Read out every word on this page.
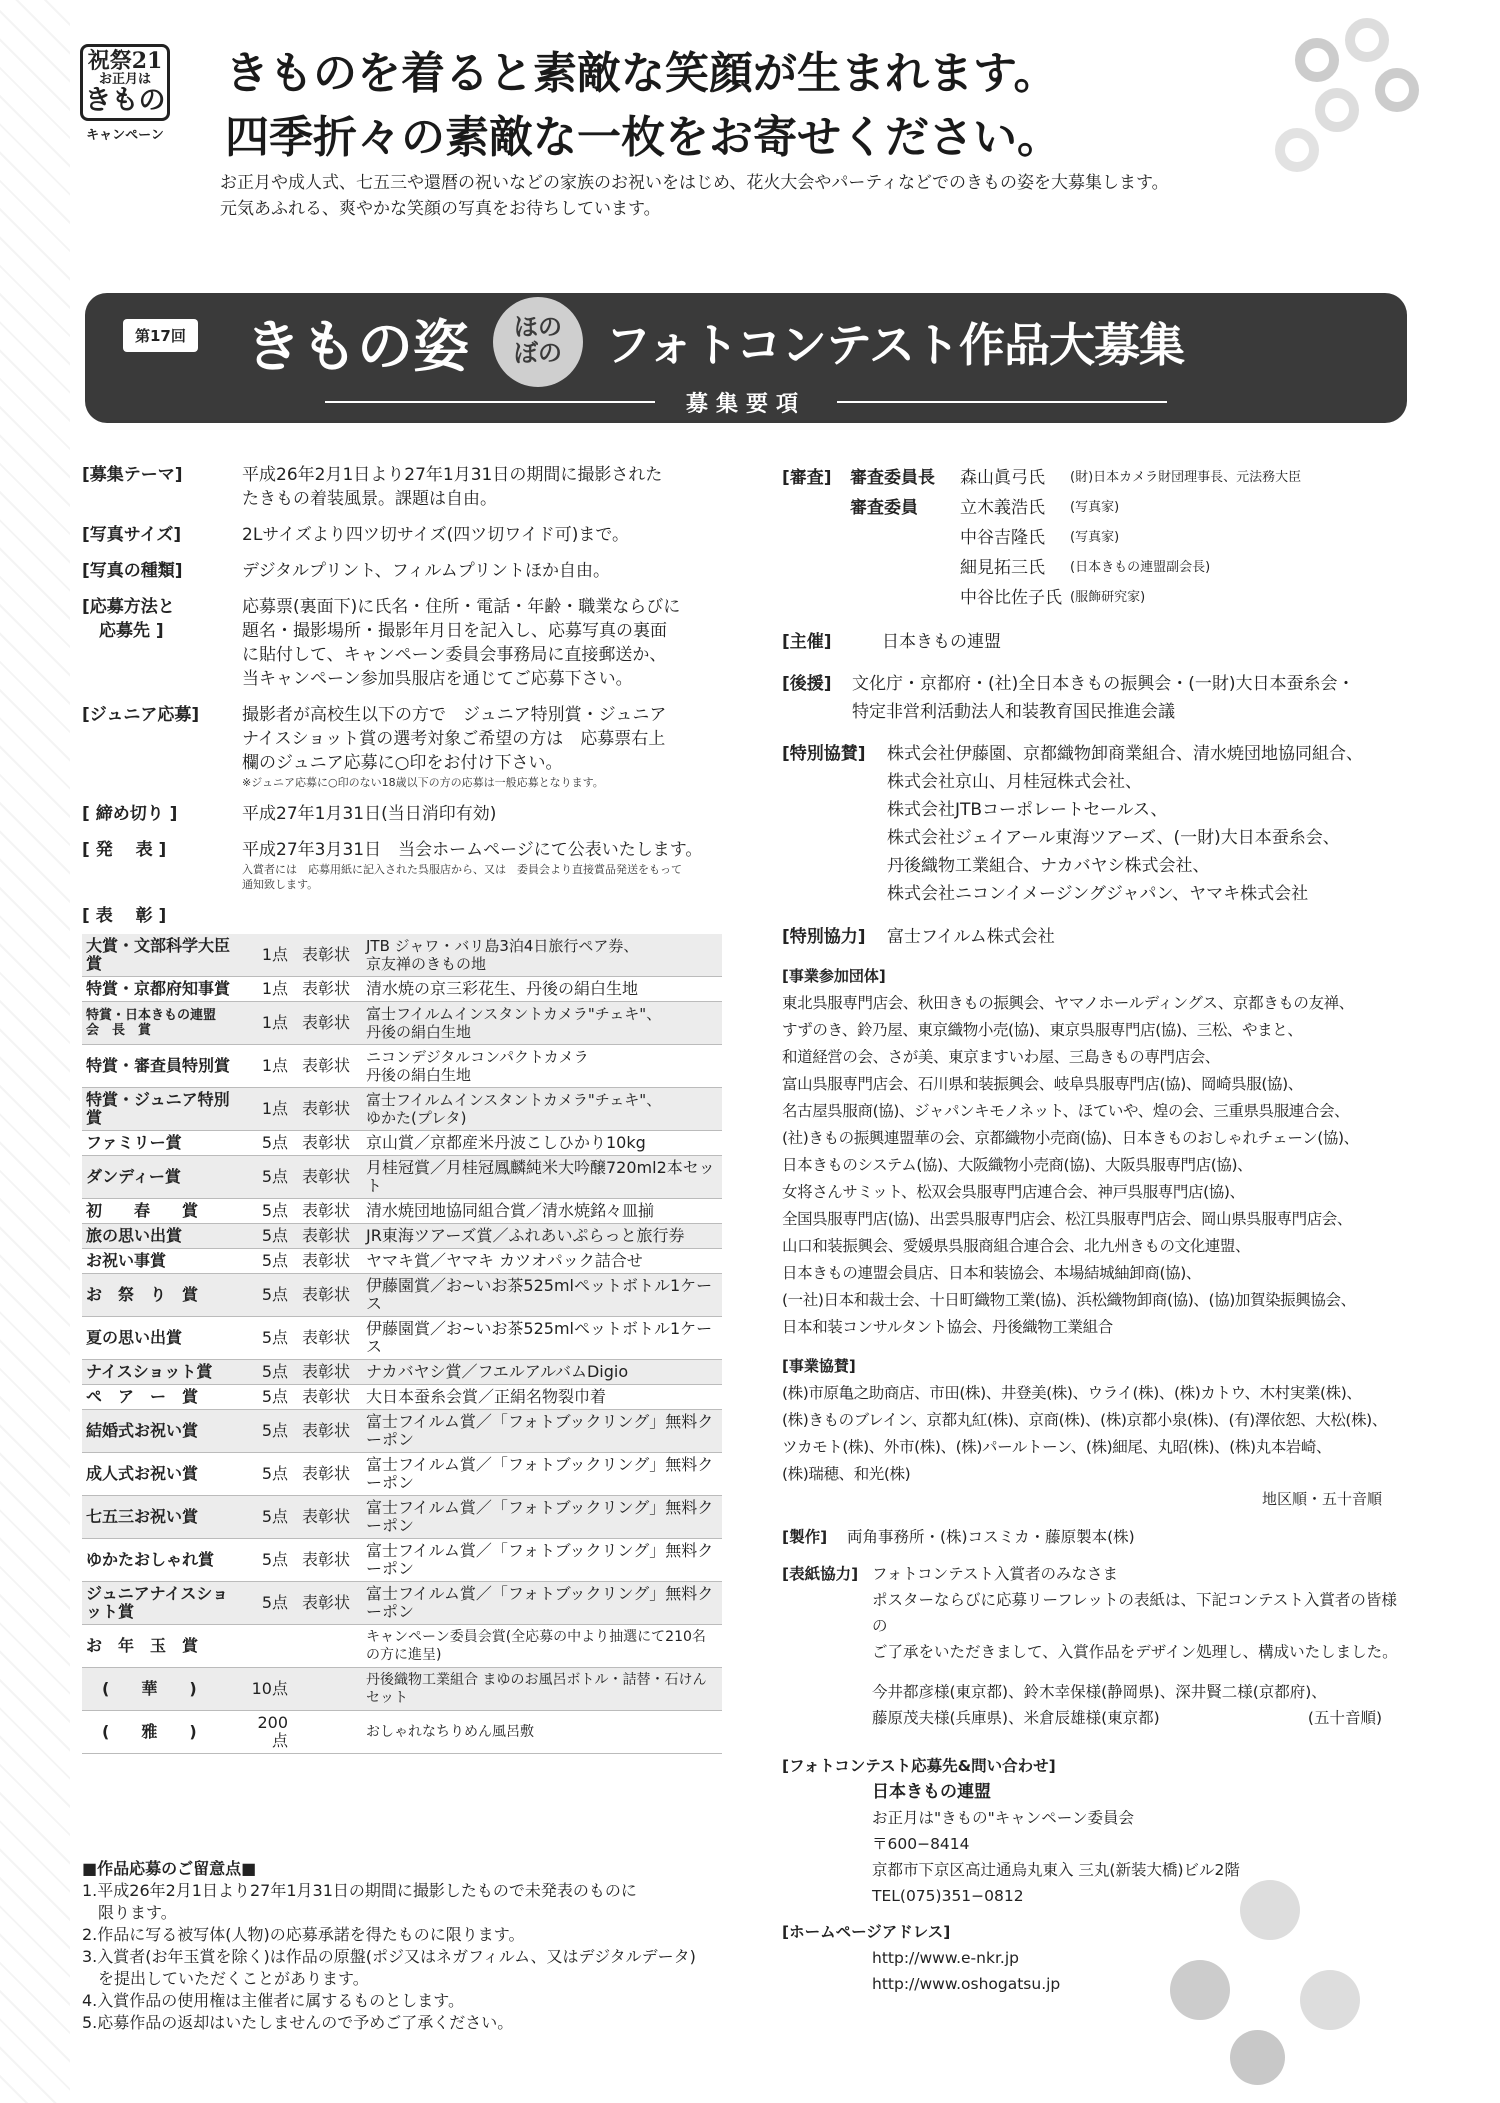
祝祭21
お正月は
きもの
キャンペーン
きものを着ると素敵な笑顔が生まれます。
四季折々の素敵な一枚をお寄せください。
お正月や成人式、七五三や還暦の祝いなどの家族のお祝いをはじめ、花火大会やパーティなどでのきもの姿を大募集します。
元気あふれる、爽やかな笑顔の写真をお待ちしています。
第17回 きもの姿	ほの
ぼの フォトコンテスト作品大募集
募集要項
[募集テーマ]	平成26年2月1日より27年1月31日の期間に撮影された
たきもの着装風景。課題は自由。
[写真サイズ]	2Lサイズより四ツ切サイズ(四ツ切ワイド可)まで。
[写真の種類]	デジタルプリント、フィルムプリントほか自由。
[応募方法と
　応募先 ]
応募票(裏面下)に氏名・住所・電話・年齢・職業ならびに
題名・撮影場所・撮影年月日を記入し、応募写真の裏面
に貼付して、キャンペーン委員会事務局に直接郵送か、
当キャンペーン参加呉服店を通じてご応募下さい。
[ジュニア応募]	撮影者が高校生以下の方で　ジュニア特別賞・ジュニア
ナイスショット賞の選考対象ご希望の方は　応募票右上
欄のジュニア応募に○印をお付け下さい。
※ジュニア応募に○印のない18歳以下の方の応募は一般応募となります。
[ 締め切り ]	平成27年1月31日(当日消印有効)
[ 発　 表 ]	平成27年3月31日　当会ホームページにて公表いたします。
入賞者には　応募用紙に記入された呉服店から、又は　委員会より直接賞品発送をもって
通知致します。
[ 表　 彰 ]
大賞・文部科学大臣賞	1点	表彰状	JTB ジャワ・バリ島3泊4日旅行ペア券、
京友禅のきもの地
特賞・京都府知事賞	1点	表彰状	清水焼の京三彩花生、丹後の絹白生地
特賞・日本きもの連盟
会　長　賞	1点	表彰状	富士フイルムインスタントカメラ"チェキ"、
丹後の絹白生地
特賞・審査員特別賞	1点	表彰状	ニコンデジタルコンパクトカメラ
丹後の絹白生地
特賞・ジュニア特別賞	1点	表彰状	富士フイルムインスタントカメラ"チェキ"、
ゆかた(プレタ)
ファミリー賞	5点	表彰状	京山賞／京都産米丹波こしひかり10kg
ダンディー賞	5点	表彰状	月桂冠賞／月桂冠鳳麟純米大吟醸720ml2本セット
初　　春　　賞	5点	表彰状	清水焼団地協同組合賞／清水焼銘々皿揃
旅の思い出賞	5点	表彰状	JR東海ツアーズ賞／ふれあいぷらっと旅行券
お祝い事賞	5点	表彰状	ヤマキ賞／ヤマキ カツオパック詰合せ
お　祭　り　賞	5点	表彰状	伊藤園賞／お~いお茶525mlペットボトル1ケース
夏の思い出賞	5点	表彰状	伊藤園賞／お~いお茶525mlペットボトル1ケース
ナイスショット賞	5点	表彰状	ナカバヤシ賞／フエルアルバムDigio
ペ　ア　ー　賞	5点	表彰状	大日本蚕糸会賞／正絹名物裂巾着
結婚式お祝い賞	5点	表彰状	富士フイルム賞／「フォトブックリング」無料クーポン
成人式お祝い賞	5点	表彰状	富士フイルム賞／「フォトブックリング」無料クーポン
七五三お祝い賞	5点	表彰状	富士フイルム賞／「フォトブックリング」無料クーポン
ゆかたおしゃれ賞	5点	表彰状	富士フイルム賞／「フォトブックリング」無料クーポン
ジュニアナイスショット賞	5点	表彰状	富士フイルム賞／「フォトブックリング」無料クーポン
お　年　玉　賞			キャンペーン委員会賞(全応募の中より抽選にて210名の方に進呈)
　(　　華　　)	10点		丹後織物工業組合 まゆのお風呂ボトル・詰替・石けんセット
　(　　雅　　)	200点		おしゃれなちりめん風呂敷
■作品応募のご留意点■
1.平成26年2月1日より27年1月31日の期間に撮影したもので未発表のものに
　限ります。
2.作品に写る被写体(人物)の応募承諾を得たものに限ります。
3.入賞者(お年玉賞を除く)は作品の原盤(ポジ又はネガフィルム、又はデジタルデータ)
　を提出していただくことがあります。
4.入賞作品の使用権は主催者に属するものとします。
5.応募作品の返却はいたしませんので予めご了承ください。
[審査]	審査委員長	森山眞弓氏	(財)日本カメラ財団理事長、元法務大臣
審査委員	立木義浩氏	(写真家)
中谷吉隆氏	(写真家)
細見拓三氏	(日本きもの連盟副会長)
中谷比佐子氏 (服飾研究家)
[主催]	日本きもの連盟
[後援]	文化庁・京都府・(社)全日本きもの振興会・(一財)大日本蚕糸会・
特定非営利活動法人和装教育国民推進会議
[特別協賛]	株式会社伊藤園、京都織物卸商業組合、清水焼団地協同組合、
株式会社京山、月桂冠株式会社、
株式会社JTBコーポレートセールス、
株式会社ジェイアール東海ツアーズ、(一財)大日本蚕糸会、
丹後織物工業組合、ナカバヤシ株式会社、
株式会社ニコンイメージングジャパン、ヤマキ株式会社
[特別協力]	富士フイルム株式会社
[事業参加団体]
東北呉服専門店会、秋田きもの振興会、ヤマノホールディングス、京都きもの友禅、
すずのき、鈴乃屋、東京織物小売(協)、東京呉服専門店(協)、三松、やまと、
和道経営の会、さが美、東京ますいわ屋、三島きもの専門店会、
富山呉服専門店会、石川県和装振興会、岐阜呉服専門店(協)、岡崎呉服(協)、
名古屋呉服商(協)、ジャパンキモノネット、ほていや、煌の会、三重県呉服連合会、
(社)きもの振興連盟華の会、京都織物小売商(協)、日本きものおしゃれチェーン(協)、
日本きものシステム(協)、大阪織物小売商(協)、大阪呉服専門店(協)、
女将さんサミット、松双会呉服専門店連合会、神戸呉服専門店(協)、
全国呉服専門店(協)、出雲呉服専門店会、松江呉服専門店会、岡山県呉服専門店会、
山口和装振興会、愛媛県呉服商組合連合会、北九州きもの文化連盟、
日本きもの連盟会員店、日本和装協会、本場結城紬卸商(協)、
(一社)日本和裁士会、十日町織物工業(協)、浜松織物卸商(協)、(協)加賀染振興協会、
日本和装コンサルタント協会、丹後織物工業組合
[事業協賛]
(株)市原亀之助商店、市田(株)、井登美(株)、ウライ(株)、(株)カトウ、木村実業(株)、
(株)きものブレイン、京都丸紅(株)、京商(株)、(株)京都小泉(株)、(有)澤依恕、大松(株)、
ツカモト(株)、外市(株)、(株)パールトーン、(株)細尾、丸昭(株)、(株)丸本岩崎、
(株)瑞穂、和光(株)
地区順・五十音順
[製作]	両角事務所・(株)コスミカ・藤原製本(株)
[表紙協力] フォトコンテスト入賞者のみなさま
ポスターならびに応募リーフレットの表紙は、下記コンテスト入賞者の皆様の
ご了承をいただきまして、入賞作品をデザイン処理し、構成いたしました。
今井都彦様(東京都)、鈴木幸保様(静岡県)、深井賢二様(京都府)、
藤原茂夫様(兵庫県)、米倉辰雄様(東京都)	(五十音順)
[フォトコンテスト応募先&問い合わせ]
日本きもの連盟
お正月は"きもの"キャンペーン委員会
〒600−8414
京都市下京区高辻通烏丸東入 三丸(新装大橋)ビル2階
TEL(075)351−0812
[ホームページアドレス]
http://www.e-nkr.jp
http://www.oshogatsu.jp
